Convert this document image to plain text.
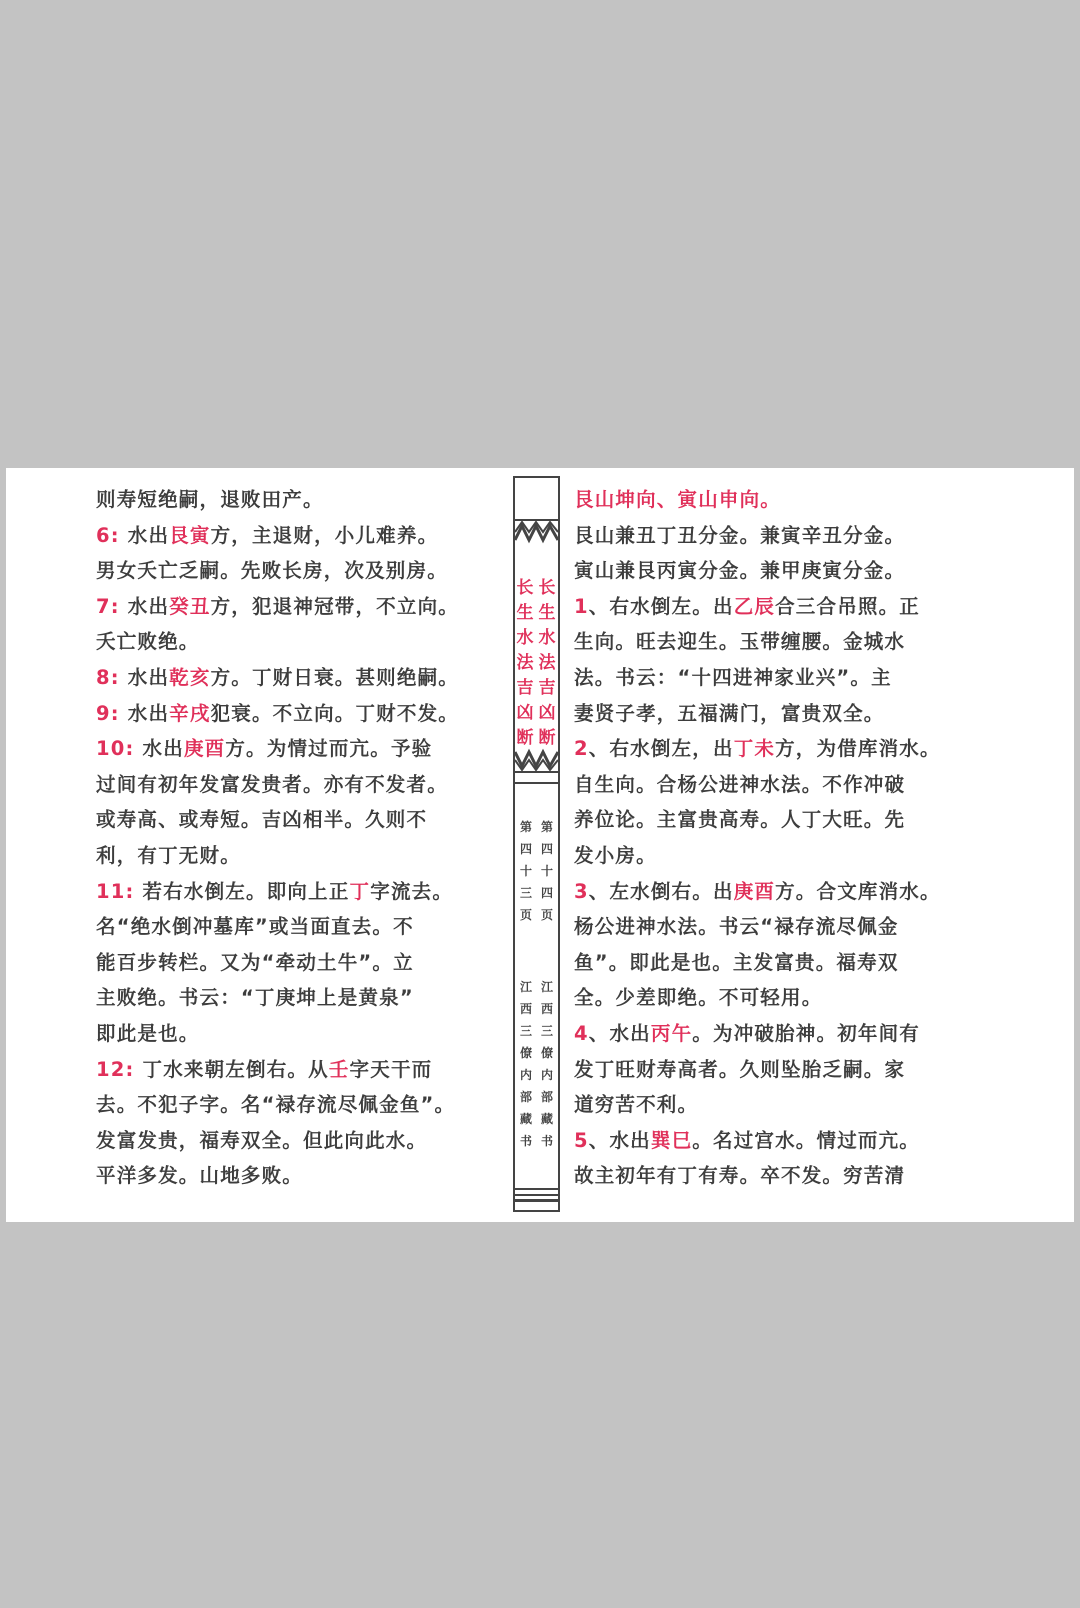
则寿短绝嗣，退败田产。
6: 水出艮寅方，主退财，小儿难养。
男女夭亡乏嗣。先败长房，次及别房。
7: 水出癸丑方，犯退神冠带，不立向。
夭亡败绝。
8: 水出乾亥方。丁财日衰。甚则绝嗣。
9: 水出辛戌犯衰。不立向。丁财不发。
10: 水出庚酉方。为情过而亢。予验
过间有初年发富发贵者。亦有不发者。
或寿高、或寿短。吉凶相半。久则不
利，有丁无财。
11: 若右水倒左。即向上正丁字流去。
名“绝水倒冲墓库”或当面直去。不
能百步转栏。又为“牵动土牛”。立
主败绝。书云：“丁庚坤上是黄泉”
即此是也。
12: 丁水来朝左倒右。从壬字天干而
去。不犯子字。名“禄存流尽佩金鱼”。
发富发贵，福寿双全。但此向此水。
平洋多发。山地多败。
长
生
水
法
吉
凶
断
长
生
水
法
吉
凶
断
第
四
十
三
页
第
四
十
四
页
江
西
三
僚
内
部
藏
书
江
西
三
僚
内
部
藏
书
艮山坤向、寅山申向。
艮山兼丑丁丑分金。兼寅辛丑分金。
寅山兼艮丙寅分金。兼甲庚寅分金。
1、右水倒左。出乙辰合三合吊照。正
生向。旺去迎生。玉带缠腰。金城水
法。书云：“十四进神家业兴”。主
妻贤子孝，五福满门，富贵双全。
2、右水倒左，出丁未方，为借库消水。
自生向。合杨公进神水法。不作冲破
养位论。主富贵高寿。人丁大旺。先
发小房。
3、左水倒右。出庚酉方。合文库消水。
杨公进神水法。书云“禄存流尽佩金
鱼”。即此是也。主发富贵。福寿双
全。少差即绝。不可轻用。
4、水出丙午。为冲破胎神。初年间有
发丁旺财寿高者。久则坠胎乏嗣。家
道穷苦不利。
5、水出巽巳。名过宫水。情过而亢。
故主初年有丁有寿。卒不发。穷苦清
